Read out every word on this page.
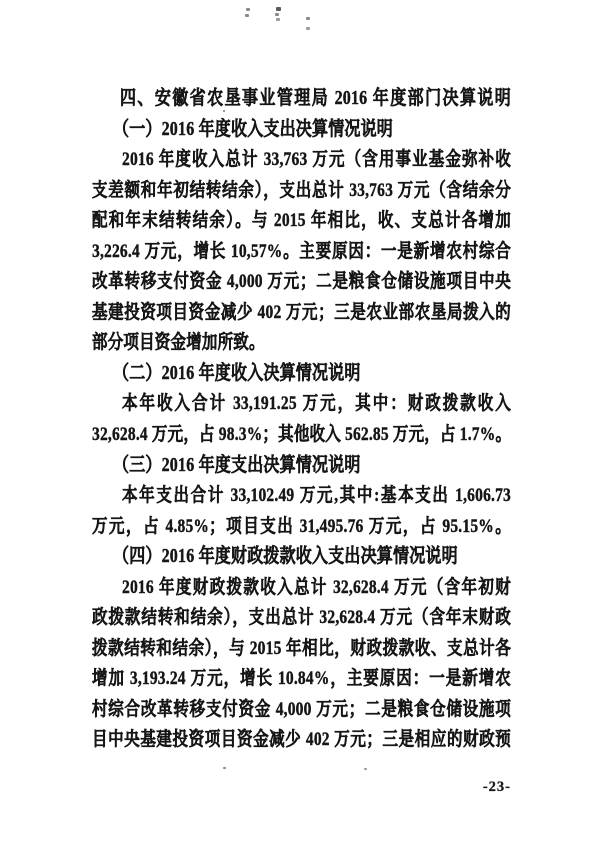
四、安徽省农垦事业管理局 2016 年度部门决算说明
（一）2016 年度收入支出决算情况说明
2016 年度收入总计 33,763 万元（含用事业基金弥补收
支差额和年初结转结余），支出总计 33,763 万元（含结余分
配和年末结转结余）。与 2015 年相比，收、支总计各增加
3,226.4 万元，增长 10,57%。主要原因：一是新增农村综合
改革转移支付资金 4,000 万元；二是粮食仓储设施项目中央
基建投资项目资金减少 402 万元；三是农业部农垦局拨入的
部分项目资金增加所致。
（二）2016 年度收入决算情况说明
本年收入合计 33,191.25 万元，其中：财政拨款收入
32,628.4 万元，占 98.3%；其他收入 562.85 万元，占 1.7%。
（三）2016 年度支出决算情况说明
本年支出合计 33,102.49 万元,其中:基本支出 1,606.73
万元，占 4.85%；项目支出 31,495.76 万元，占 95.15%。
（四）2016 年度财政拨款收入支出决算情况说明
2016 年度财政拨款收入总计 32,628.4 万元（含年初财
政拨款结转和结余），支出总计 32,628.4 万元（含年末财政
拨款结转和结余），与 2015 年相比，财政拨款收、支总计各
增加 3,193.24 万元，增长 10.84%，主要原因：一是新增农
村综合改革转移支付资金 4,000 万元；二是粮食仓储设施项
目中央基建投资项目资金减少 402 万元；三是相应的财政预
-23-
